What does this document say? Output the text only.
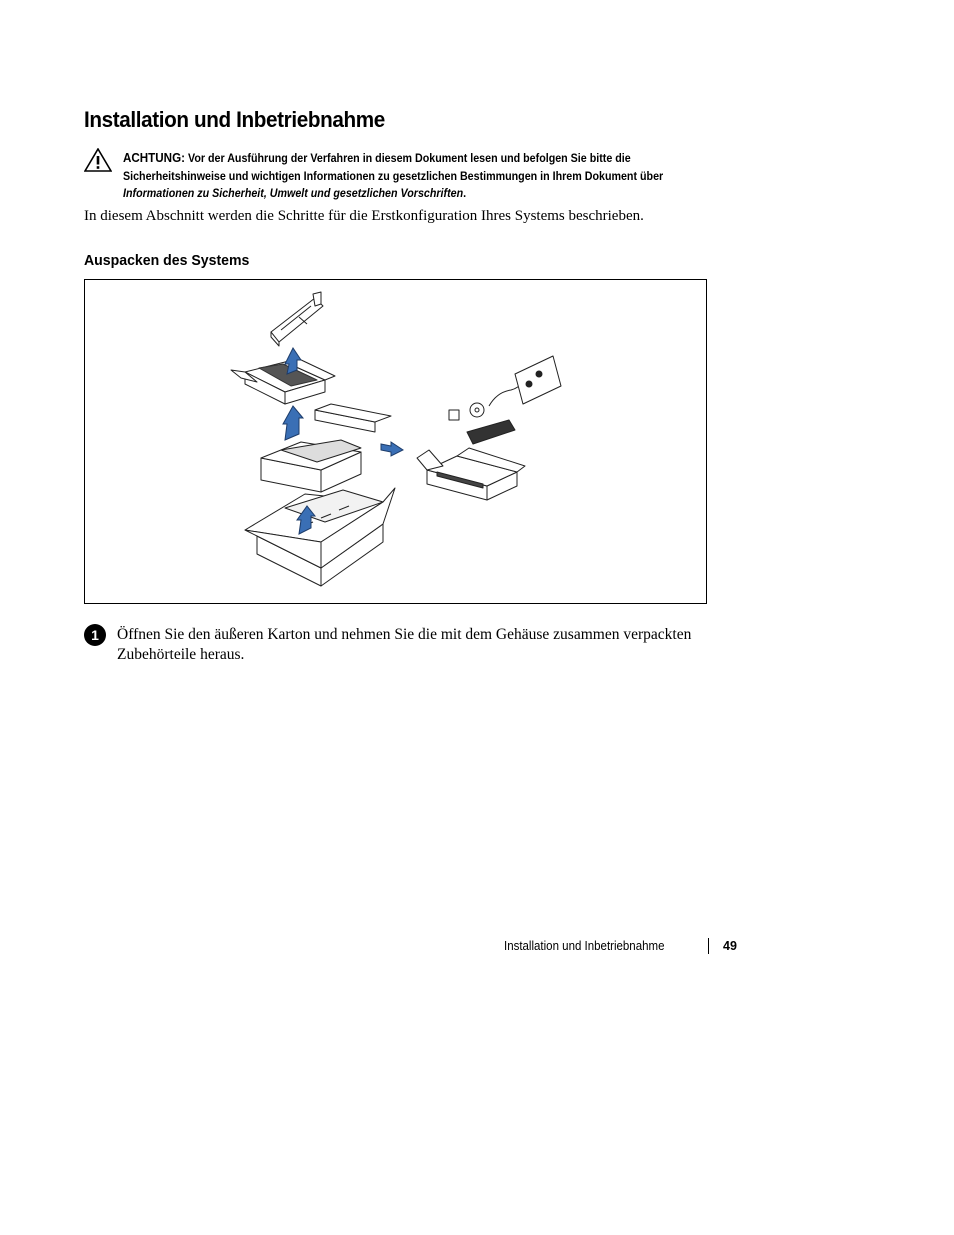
Installation und Inbetriebnahme
ACHTUNG: Vor der Ausführung der Verfahren in diesem Dokument lesen und befolgen Sie bitte die Sicherheitshinweise und wichtigen Informationen zu gesetzlichen Bestimmungen in Ihrem Dokument über Informationen zu Sicherheit, Umwelt und gesetzlichen Vorschriften.
In diesem Abschnitt werden die Schritte für die Erstkonfiguration Ihres Systems beschrieben.
Auspacken des Systems
1	Öffnen Sie den äußeren Karton und nehmen Sie die mit dem Gehäuse zusammen verpackten Zubehörteile heraus.
Installation und Inbetriebnahme	49
